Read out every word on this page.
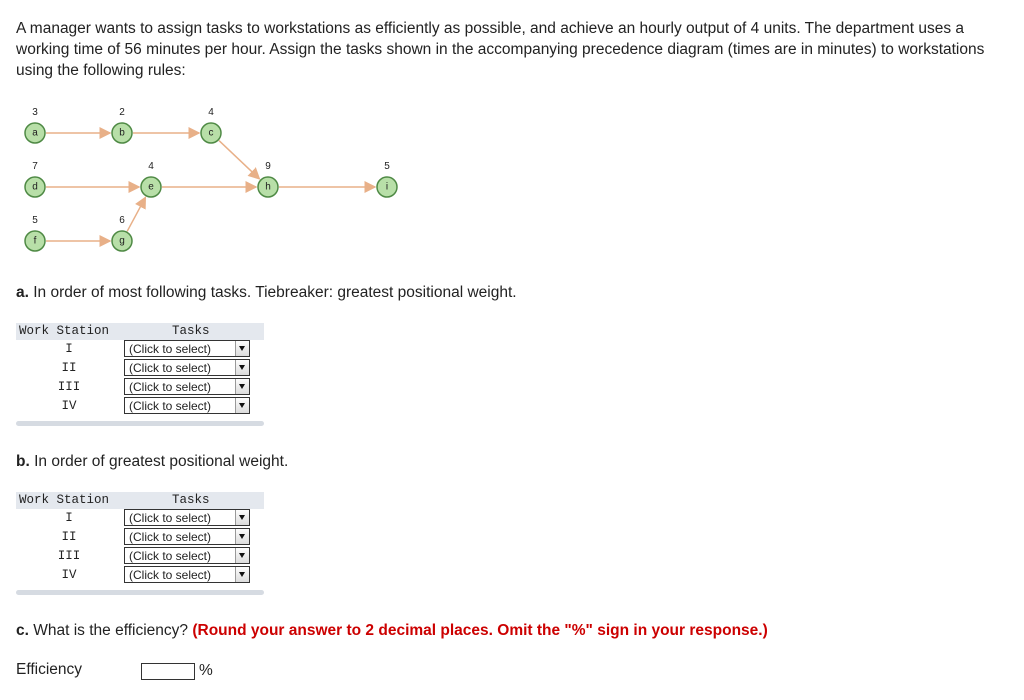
A manager wants to assign tasks to workstations as efficiently as possible, and achieve an hourly output of 4 units. The department uses a working time of 56 minutes per hour. Assign the tasks shown in the accompanying precedence diagram (times are in minutes) to workstations using the following rules:
a
3
b
2
c
4
d
7
e
4
h
9
i
5
f
5
g
6
a. In order of most following tasks. Tiebreaker: greatest positional weight.
Work Station	Tasks
I	(Click to select)
II	(Click to select)
III	(Click to select)
IV	(Click to select)
b. In order of greatest positional weight.
Work Station	Tasks
I	(Click to select)
II	(Click to select)
III	(Click to select)
IV	(Click to select)
c. What is the efficiency? (Round your answer to 2 decimal places. Omit the "%" sign in your response.)
Efficiency	%
